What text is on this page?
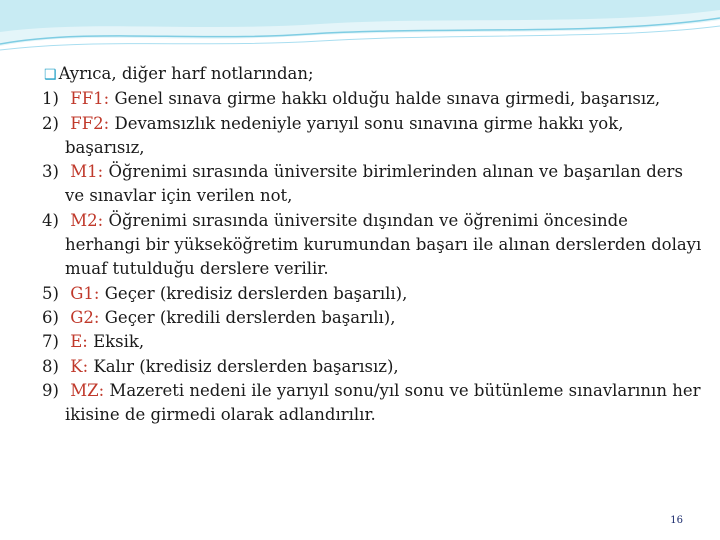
❑ Ayrıca, diğer harf notlarından;

1) FF1: Genel sınava girme hakkı olduğu halde sınava girmedi, başarısız,
2) FF2: Devamsızlık nedeniyle yarıyıl sonu sınavına girme hakkı yok, başarısız,
3) M1: Öğrenimi sırasında üniversite birimlerinden alınan ve başarılan ders ve sınavlar için verilen not,
4) M2: Öğrenimi sırasında üniversite dışından ve öğrenimi öncesinde herhangi bir yükseköğretim kurumundan başarı ile alınan derslerden dolayı muaf tutulduğu derslere verilir.
5) G1: Geçer (kredisiz derslerden başarılı),
6) G2: Geçer (kredili derslerden başarılı),
7) E: Eksik,
8) K: Kalır (kredisiz derslerden başarısız),
9) MZ: Mazereti nedeni ile yarıyıl sonu/yıl sonu ve bütünleme sınavlarının her ikisine de girmedi olarak adlandırılır.
16
